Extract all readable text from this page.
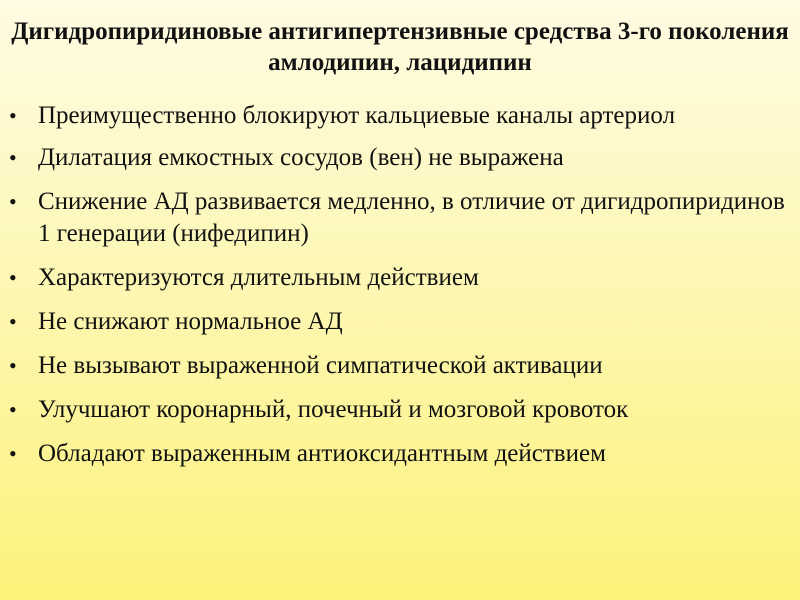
Дигидропиридиновые антигипертензивные средства 3-го поколения амлодипин, лацидипин
• Преимущественно блокируют кальциевые каналы артериол
• Дилатация емкостных сосудов (вен) не выражена
• Снижение АД развивается медленно, в отличие от дигидропиридинов 1 генерации (нифедипин)
• Характеризуются длительным действием
• Не снижают нормальное АД
• Не вызывают выраженной симпатической активации
• Улучшают коронарный, почечный и мозговой кровоток
• Обладают выраженным антиоксидантным действием
